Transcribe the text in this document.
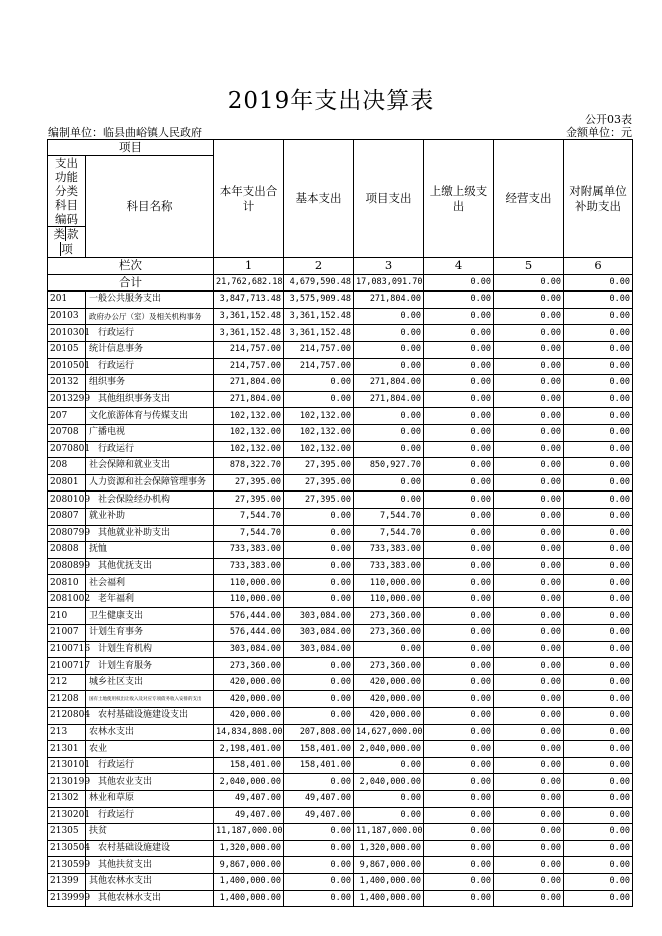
2019年支出决算表
公开03表
编制单位：临县曲峪镇人民政府	金额单位：元
项目		本年支出合计	基本支出	项目支出	上缴上级支出	经营支出	对附属单位补助支出
支出功能分类科目编码	科目名称						
类 款项							
栏次		1	2	3	4	5	6
合计		21,762,682.18	4,679,590.48	17,083,091.70	0.00	0.00	0.00
201	一般公共服务支出	3,847,713.48	3,575,909.48	271,804.00	0.00	0.00	0.00
20103	政府办公厅（室）及相关机构事务	3,361,152.48	3,361,152.48	0.00	0.00	0.00	0.00
2010301	行政运行	3,361,152.48	3,361,152.48	0.00	0.00	0.00	0.00
20105	统计信息事务	214,757.00	214,757.00	0.00	0.00	0.00	0.00
2010501	行政运行	214,757.00	214,757.00	0.00	0.00	0.00	0.00
20132	组织事务	271,804.00	0.00	271,804.00	0.00	0.00	0.00
2013299	其他组织事务支出	271,804.00	0.00	271,804.00	0.00	0.00	0.00
207	文化旅游体育与传媒支出	102,132.00	102,132.00	0.00	0.00	0.00	0.00
20708	广播电视	102,132.00	102,132.00	0.00	0.00	0.00	0.00
2070801	行政运行	102,132.00	102,132.00	0.00	0.00	0.00	0.00
208	社会保障和就业支出	878,322.70	27,395.00	850,927.70	0.00	0.00	0.00
20801	人力资源和社会保障管理事务	27,395.00	27,395.00	0.00	0.00	0.00	0.00
2080109	社会保险经办机构	27,395.00	27,395.00	0.00	0.00	0.00	0.00
20807	就业补助	7,544.70	0.00	7,544.70	0.00	0.00	0.00
2080799	其他就业补助支出	7,544.70	0.00	7,544.70	0.00	0.00	0.00
20808	抚恤	733,383.00	0.00	733,383.00	0.00	0.00	0.00
2080899	其他优抚支出	733,383.00	0.00	733,383.00	0.00	0.00	0.00
20810	社会福利	110,000.00	0.00	110,000.00	0.00	0.00	0.00
2081002	老年福利	110,000.00	0.00	110,000.00	0.00	0.00	0.00
210	卫生健康支出	576,444.00	303,084.00	273,360.00	0.00	0.00	0.00
21007	计划生育事务	576,444.00	303,084.00	273,360.00	0.00	0.00	0.00
2100716	计划生育机构	303,084.00	303,084.00	0.00	0.00	0.00	0.00
2100717	计划生育服务	273,360.00	0.00	273,360.00	0.00	0.00	0.00
212	城乡社区支出	420,000.00	0.00	420,000.00	0.00	0.00	0.00
21208	国有土地使用权出让收入及对应专项债务收入安排的支出	420,000.00	0.00	420,000.00	0.00	0.00	0.00
2120804	农村基础设施建设支出	420,000.00	0.00	420,000.00	0.00	0.00	0.00
213	农林水支出	14,834,808.00	207,808.00	14,627,000.00	0.00	0.00	0.00
21301	农业	2,198,401.00	158,401.00	2,040,000.00	0.00	0.00	0.00
2130101	行政运行	158,401.00	158,401.00	0.00	0.00	0.00	0.00
2130199	其他农业支出	2,040,000.00	0.00	2,040,000.00	0.00	0.00	0.00
21302	林业和草原	49,407.00	49,407.00	0.00	0.00	0.00	0.00
2130201	行政运行	49,407.00	49,407.00	0.00	0.00	0.00	0.00
21305	扶贫	11,187,000.00	0.00	11,187,000.00	0.00	0.00	0.00
2130504	农村基础设施建设	1,320,000.00	0.00	1,320,000.00	0.00	0.00	0.00
2130599	其他扶贫支出	9,867,000.00	0.00	9,867,000.00	0.00	0.00	0.00
21399	其他农林水支出	1,400,000.00	0.00	1,400,000.00	0.00	0.00	0.00
2139999	其他农林水支出	1,400,000.00	0.00	1,400,000.00	0.00	0.00	0.00
